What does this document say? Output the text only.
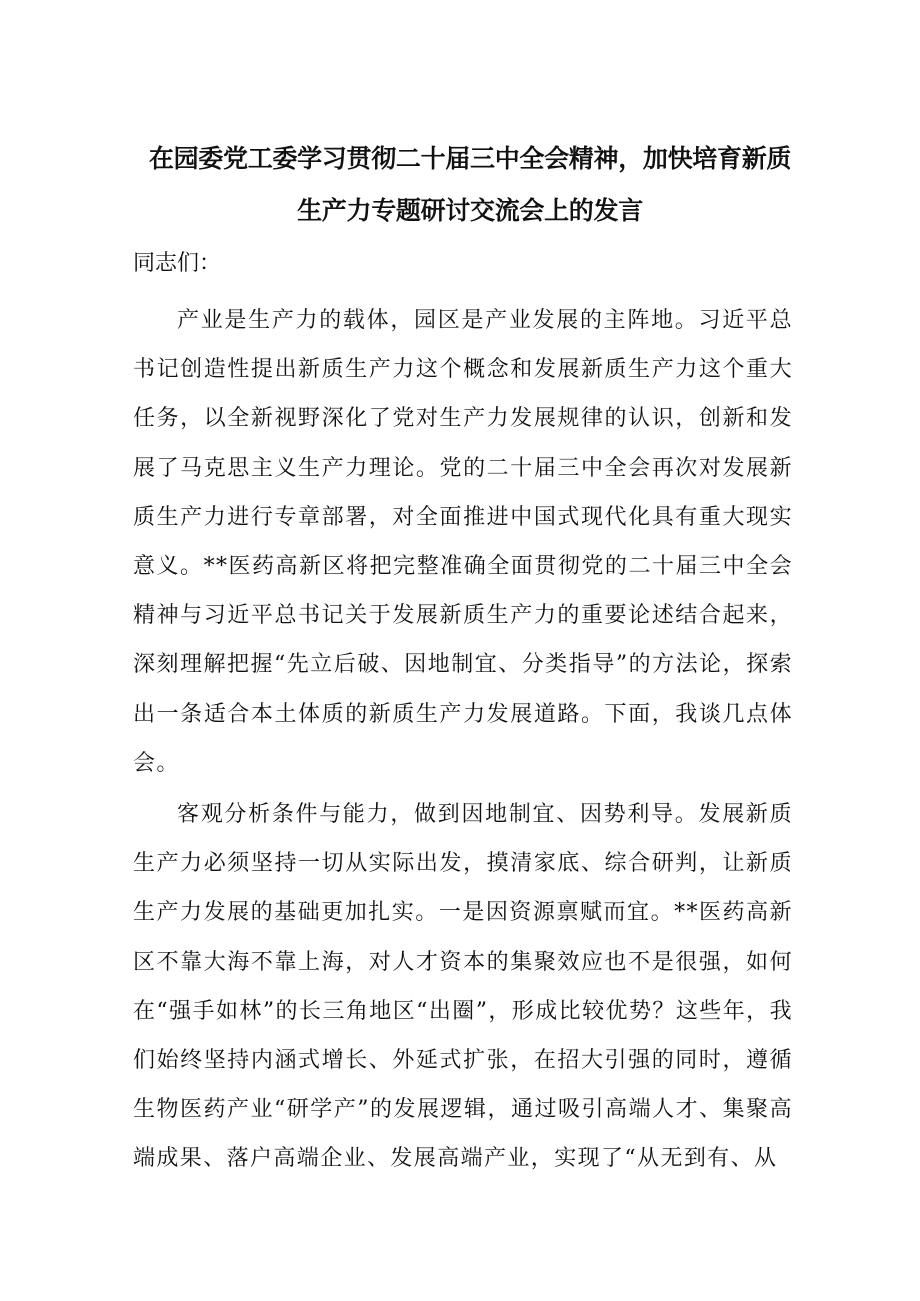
在园委党工委学习贯彻二十届三中全会精神，加快培育新质
生产力专题研讨交流会上的发言
同志们：

产业是生产力的载体，园区是产业发展的主阵地。习近平总书记创造性提出新质生产力这个概念和发展新质生产力这个重大任务，以全新视野深化了党对生产力发展规律的认识，创新和发展了马克思主义生产力理论。党的二十届三中全会再次对发展新质生产力进行专章部署，对全面推进中国式现代化具有重大现实意义。**医药高新区将把完整准确全面贯彻党的二十届三中全会精神与习近平总书记关于发展新质生产力的重要论述结合起来，深刻理解把握“先立后破、因地制宜、分类指导”的方法论，探索出一条适合本土体质的新质生产力发展道路。下面，我谈几点体会。

客观分析条件与能力，做到因地制宜、因势利导。发展新质生产力必须坚持一切从实际出发，摸清家底、综合研判，让新质生产力发展的基础更加扎实。一是因资源禀赋而宜。**医药高新区不靠大海不靠上海，对人才资本的集聚效应也不是很强，如何在“强手如林”的长三角地区“出圈”，形成比较优势？这些年，我们始终坚持内涵式增长、外延式扩张，在招大引强的同时，遵循生物医药产业“研学产”的发展逻辑，通过吸引高端人才、集聚高端成果、落户高端企业、发展高端产业，实现了“从无到有、从
